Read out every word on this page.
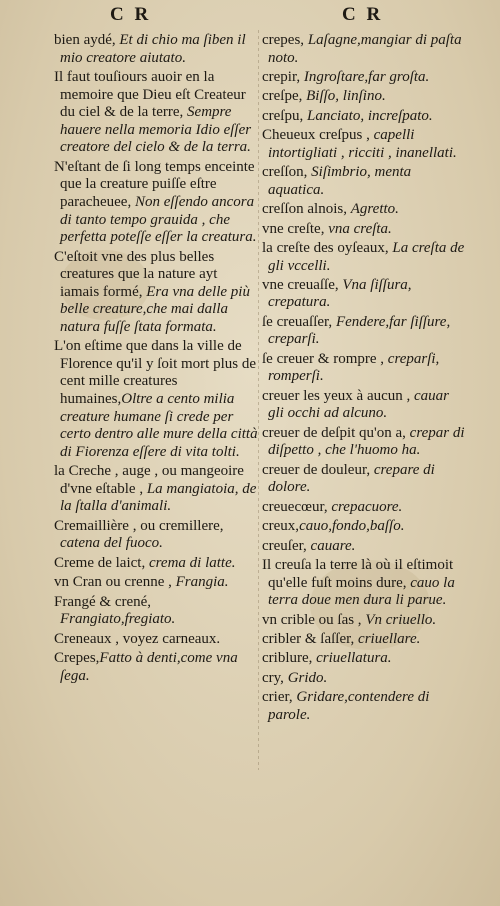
C R	C R

bien aydé, Et di chio ma ſiben il mio creatore aiutato.

Il faut touſiours auoir en la memoire que Dieu eſt Createur du ciel & de la terre, Sempre hauere nella memoria Idio eſſer creatore del cielo & de la terra.

N'eſtant de ſi long temps enceinte que la creature puiſſe eſtre paracheuee, Non eſſendo ancora di tanto tempo grauida , che perfetta poteſſe eſſer la creatura.

C'eſtoit vne des plus belles creatures que la nature ayt iamais formé, Era vna delle più belle creature,che mai dalla natura fuſſe ſtata formata.

L'on eſtime que dans la ville de Florence qu'il y ſoit mort plus de cent mille creatures humaines,Oltre a cento milia creature humane ſi crede per certo dentro alle mure della città di Fiorenza eſſere di vita tolti.

la Creche , auge , ou mangeoire d'vne eſtable , La mangiatoia, de la ſtalla d'animali.

Cremaillière , ou cremillere, catena del fuoco.

Creme de laict, crema di latte.

vn Cran ou crenne , Frangia.

Frangé & crené, Frangiato,fregiato.

Creneaux , voyez carneaux.

Crepes,Fatto à denti,come vna ſega.

crepes, Laſagne,mangiar di paſta noto.

crepir, Ingroſtare,far groſta.

creſpe, Biſſo, linſino.

creſpu, Lanciato, increſpato.

Cheueux creſpus , capelli intortigliati , ricciti , inanellati.

creſſon, Siſimbrio, menta aquatica.

creſſon alnois, Agretto.

vne creſte, vna creſta.

la creſte des oyſeaux, La creſta de gli vccelli.

vne creuaſſe, Vna ſiſſura, crepatura.

ſe creuaſſer, Fendere,far ſiſſure, creparſi.

ſe creuer & rompre , creparſi, romperſi.

creuer les yeux à aucun , cauar gli occhi ad alcuno.

creuer de deſpit qu'on a, crepar di diſpetto , che l'huomo ha.

creuer de douleur, crepare di dolore.

creuecœur, crepacuore.

creux,cauo,fondo,baſſo.

creuſer, cauare.

Il creuſa la terre là où il eſtimoit qu'elle fuſt moins dure, cauo la terra doue men dura li parue.

vn crible ou ſas , Vn criuello.

cribler & ſaſſer, criuellare.

criblure, criuellatura.

cry, Grido.

crier, Gridare,contendere di parole.
